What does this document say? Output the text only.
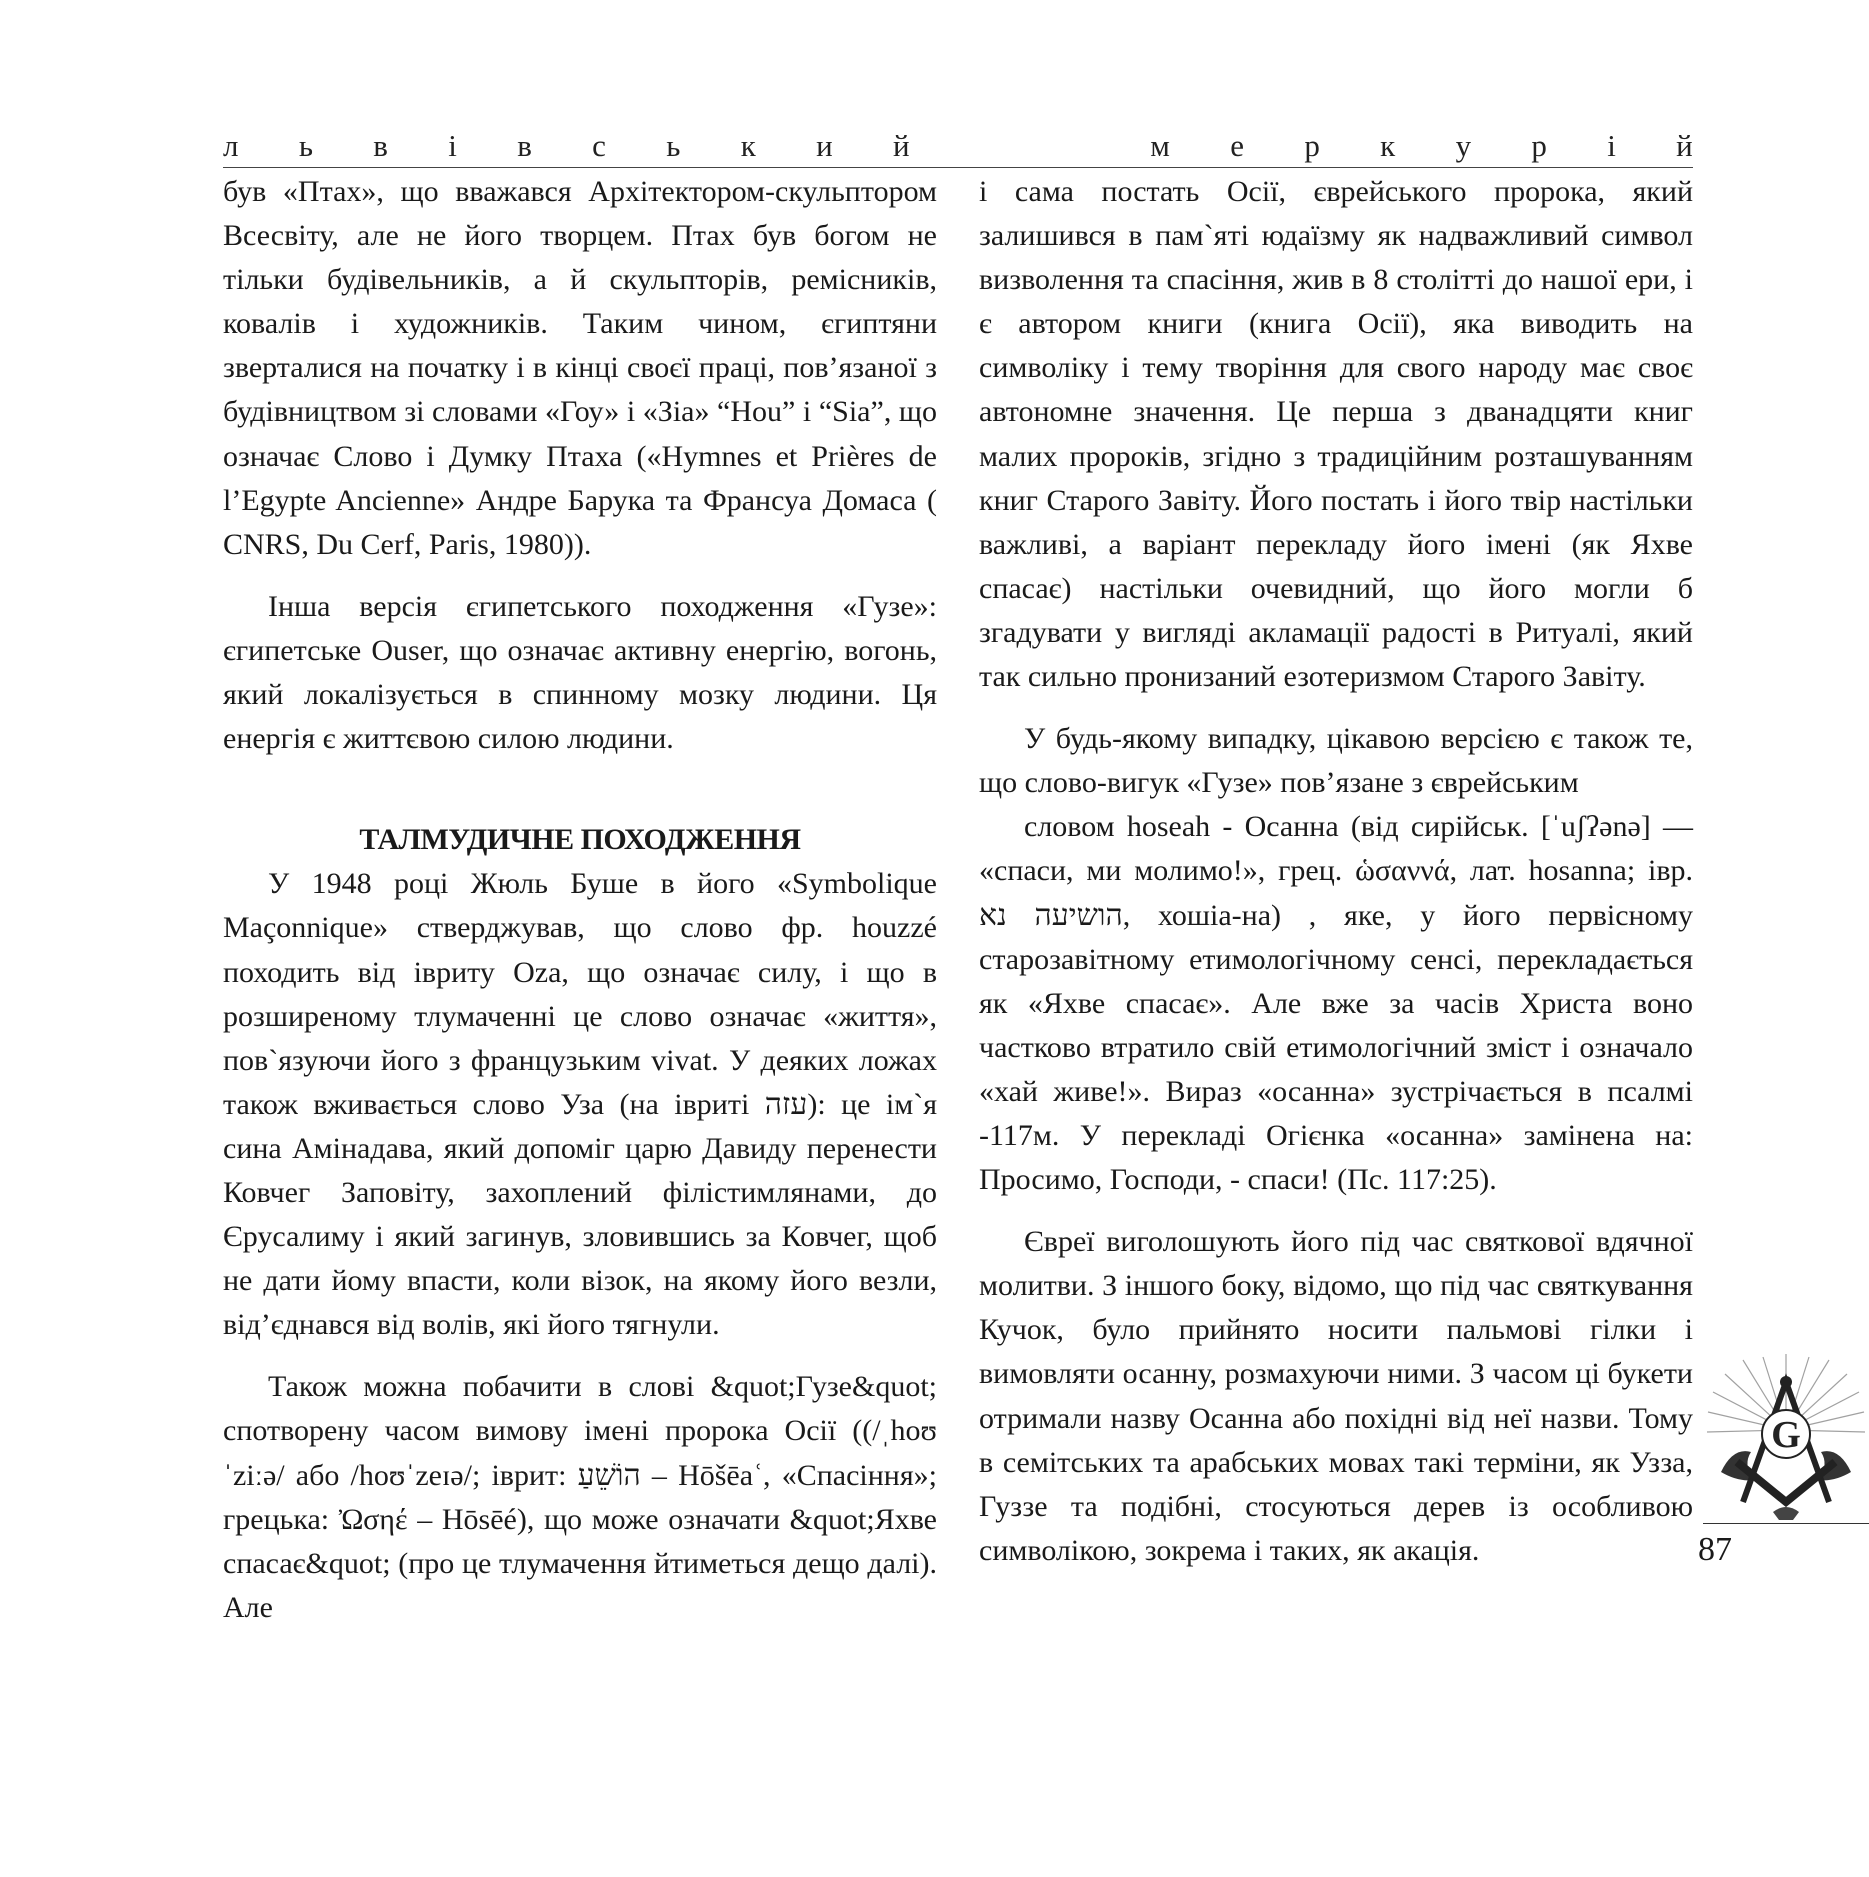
л ь в і в с ь к и й	м е р к у р і й

був «Птах», що вважався Архітектором-скульптором Всесвіту, але не його творцем. Птах був богом не тільки будівельників, а й скульпторів, ремісників, ковалів і художників. Таким чином, єгиптяни зверталися на початку і в кінці своєї праці, пов’язаної з будівництвом зі словами «Гоу» і «Зіа» “Hou” і “Sia”, що означає Слово і Думку Птаха («Hymnes et Prières de l’Egypte Ancienne» Андре Барука та Франсуа Домаса ( CNRS, Du Cerf, Paris, 1980)).

Інша версія єгипетського походження «Гузе»: єгипетське Ouser, що означає активну енергію, вогонь, який локалізується в спинному мозку людини. Ця енергія є життєвою силою людини.

ТАЛМУДИЧНЕ ПОХОДЖЕННЯ

У 1948 році Жюль Буше в його «Symbolique Maçonnique» стверджував, що слово фр. houzzé походить від івриту Oza, що означає силу, і що в розширеному тлумаченні це слово означає «життя», пов`язуючи його з французьким vivat. У деяких ложах також вживається слово Уза (на івриті עזה): це ім`я сина Амінадава, який допоміг царю Давиду перенести Ковчег Заповіту, захоплений філістимлянами, до Єрусалиму і який загинув, зловившись за Ковчег, щоб не дати йому впасти, коли візок, на якому його везли, від’єднався від волів, які його тягнули.

Також можна побачити в слові &quot;Гузе&quot; спотворену часом вимову імені пророка Осії ((/ˌhoʊˈziːə/ або /hoʊˈzeɪə/; іврит: הוֹשֵׁעַ – Hōšēaʿ, «Спасіння»; грецька: Ὠσηέ – Hōsēé), що може означати &quot;Яхве спасає&quot; (про це тлумачення йтиметься дещо далі). Але

і сама постать Осії, єврейського пророка, який залишився в пам`яті юдаїзму як надважливий символ визволення та спасіння, жив в 8 столітті до нашої ери, і є автором книги (книга Осії), яка виводить на символіку і тему творіння для свого народу має своє автономне значення. Це перша з дванадцяти книг малих пророків, згідно з традиційним розташуванням книг Старого Завіту. Його постать і його твір настільки важливі, а варіант перекладу його імені (як Яхве спасає) настільки очевидний, що його могли б згадувати у вигляді акламації радості в Ритуалі, який так сильно пронизаний езотеризмом Старого Завіту.

У будь-якому випадку, цікавою версією є також те, що слово-вигук «Гузе» пов’язане з єврейським

словом hoseah - Осанна (від сирійськ. [ˈuʃʔənə] — «спаси, ми молимо!», грец. ὡσαννά, лат. hosanna; івр. הושיעה נא, хошіа-на) , яке, у його первісному старозавітному етимологічному сенсі, перекладається як «Яхве спасає». Але вже за часів Христа воно частково втратило свій етимологічний зміст і означало «хай живе!». Вираз «осанна» зустрічається в псалмі -117м. У перекладі Огієнка «осанна» замінена на: Просимо, Господи, - спаси! (Пс. 117:25).

Євреї виголошують його під час святкової вдячної молитви. З іншого боку, відомо, що під час святкування Кучок, було прийнято носити пальмові гілки і вимовляти осанну, розмахуючи ними. З часом ці букети отримали назву Осанна або похідні від неї назви. Тому в семітських та арабських мовах такі терміни, як Узза, Гуззе та подібні, стосуються дерев із особливою символікою, зокрема і таких, як акація.

G
87
